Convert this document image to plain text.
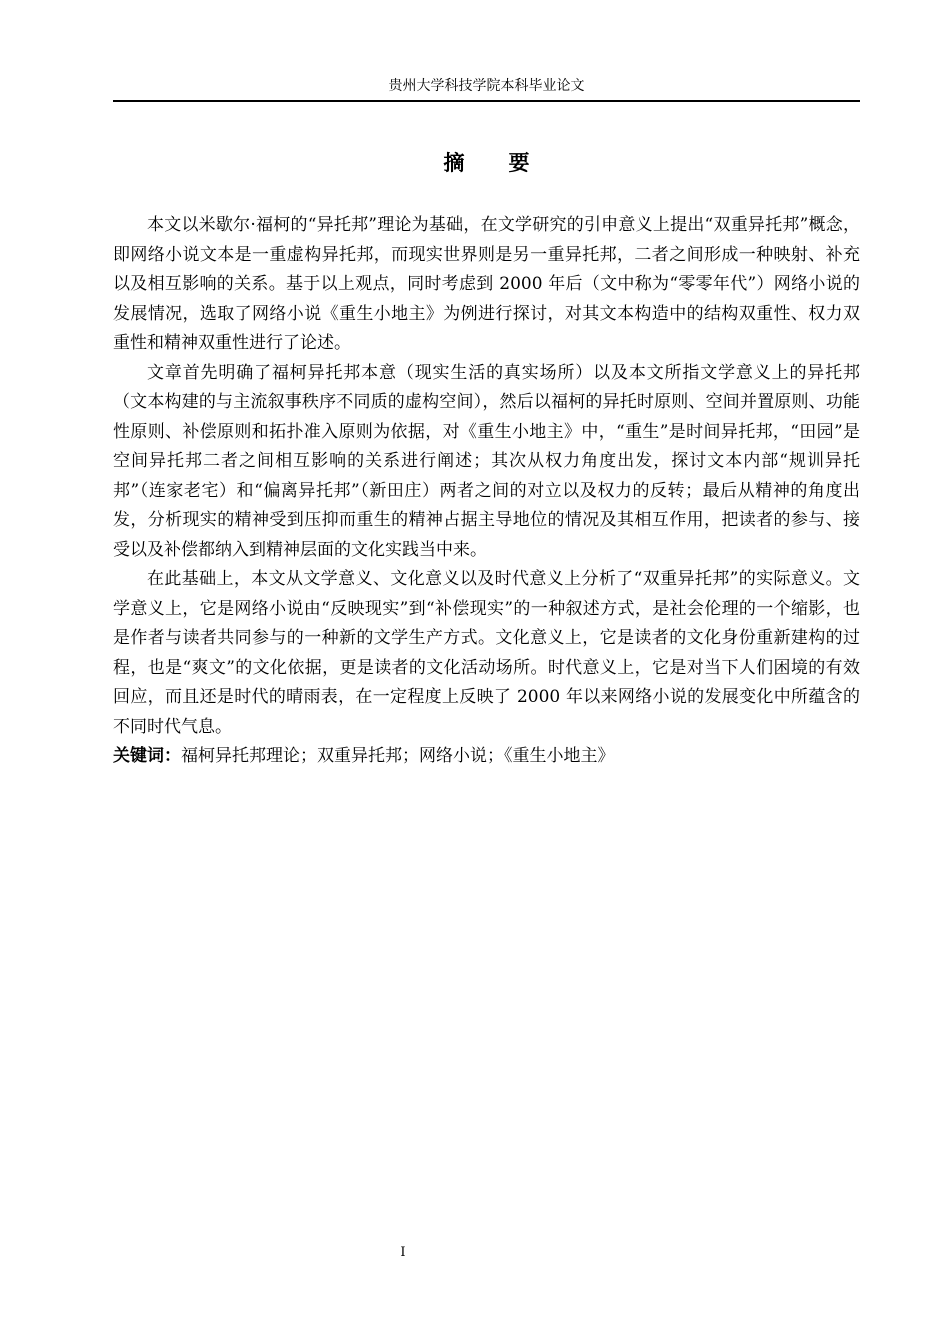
贵州大学科技学院本科毕业论文
摘要

本文以米歇尔·福柯的“异托邦”理论为基础，在文学研究的引申意义上提出“双重异托邦”概念，即网络小说文本是一重虚构异托邦，而现实世界则是另一重异托邦，二者之间形成一种映射、补充以及相互影响的关系。基于以上观点，同时考虑到 2000 年后（文中称为“零零年代”）网络小说的发展情况，选取了网络小说《重生小地主》为例进行探讨，对其文本构造中的结构双重性、权力双重性和精神双重性进行了论述。

文章首先明确了福柯异托邦本意（现实生活的真实场所）以及本文所指文学意义上的异托邦（文本构建的与主流叙事秩序不同质的虚构空间），然后以福柯的异托时原则、空间并置原则、功能性原则、补偿原则和拓扑准入原则为依据，对《重生小地主》中，“重生”是时间异托邦，“田园”是空间异托邦二者之间相互影响的关系进行阐述；其次从权力角度出发，探讨文本内部“规训异托邦”（连家老宅）和“偏离异托邦”（新田庄）两者之间的对立以及权力的反转；最后从精神的角度出发，分析现实的精神受到压抑而重生的精神占据主导地位的情况及其相互作用，把读者的参与、接受以及补偿都纳入到精神层面的文化实践当中来。

在此基础上，本文从文学意义、文化意义以及时代意义上分析了“双重异托邦”的实际意义。文学意义上，它是网络小说由“反映现实”到“补偿现实”的一种叙述方式，是社会伦理的一个缩影，也是作者与读者共同参与的一种新的文学生产方式。文化意义上，它是读者的文化身份重新建构的过程，也是“爽文”的文化依据，更是读者的文化活动场所。时代意义上，它是对当下人们困境的有效回应，而且还是时代的晴雨表，在一定程度上反映了 2000 年以来网络小说的发展变化中所蕴含的不同时代气息。

关键词：福柯异托邦理论；双重异托邦；网络小说；《重生小地主》
I
